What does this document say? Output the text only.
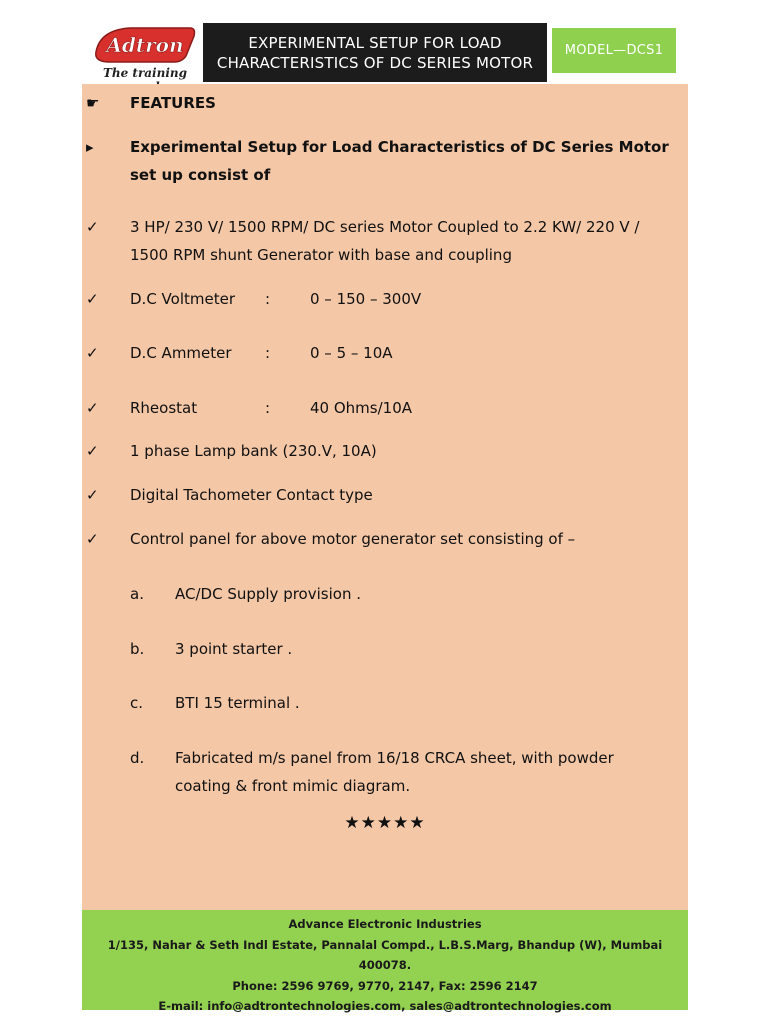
Adtron
The training
EXPERIMENTAL SETUP FOR LOAD
CHARACTERISTICS OF DC SERIES MOTOR
MODEL—DCS1
☛ FEATURES
▸ Experimental Setup for Load Characteristics of DC Series Motor set up consist of
✓ 3 HP/ 230 V/ 1500 RPM/ DC series Motor Coupled to 2.2 KW/ 220 V / 1500 RPM shunt Generator with base and coupling
✓ D.C Voltmeter :	0 – 150 – 300V
✓ D.C Ammeter :	0 – 5 – 10A
✓ Rheostat	:	40 Ohms/10A
✓ 1 phase Lamp bank (230.V, 10A)
✓ Digital Tachometer Contact type
✓ Control panel for above motor generator set consisting of –
a. AC/DC Supply provision .
b. 3 point starter .
c. BTI 15 terminal .
d. Fabricated m/s panel from 16/18 CRCA sheet, with powder coating & front mimic diagram.
★★★★★
Advance Electronic Industries
1/135, Nahar & Seth Indl Estate, Pannalal Compd., L.B.S.Marg, Bhandup (W), Mumbai 400078.
Phone: 2596 9769, 9770, 2147, Fax: 2596 2147
E-mail: info@adtrontechnologies.com, sales@adtrontechnologies.com
